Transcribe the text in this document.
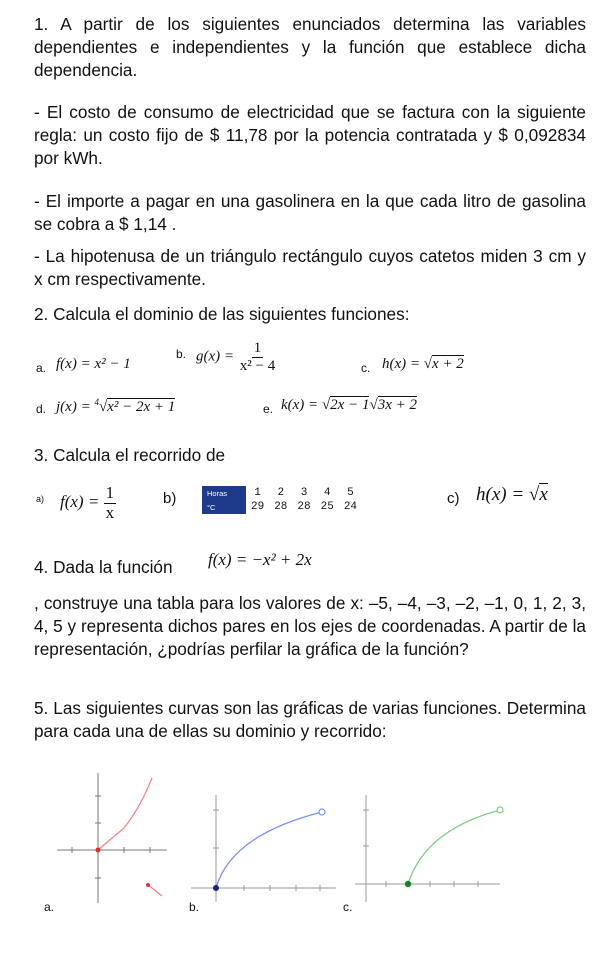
1. A partir de los siguientes enunciados determina las variables dependientes e independientes y la función que establece dicha dependencia.
- El costo de consumo de electricidad que se factura con la siguiente regla: un costo fijo de $ 11,78 por la potencia contratada y $ 0,092834 por kWh.
- El importe a pagar en una gasolinera en la que cada litro de gasolina se cobra a $ 1,14 .
- La hipotenusa de un triángulo rectángulo cuyos catetos miden 3 cm y x cm respectivamente.
2. Calcula el dominio de las siguientes funciones:
a. f(x) = x² − 1
b. $g(x) = \frac{1}{\text{x² − 4}}$	c. h(x) = √x + 2
d. j(x) = $^4$√x² − 2x + 1	e. k(x) = √2x − 1√3x + 2
3. Calcula el recorrido de
a) $f(x) = \frac{1}{x}$	b)	Horas	1	2	3	4	5
°C	29	28	28	25	24	c) h(x) = √x
4. Dada la función f(x) = −x² + 2x
, construye una tabla para los valores de x: –5, –4, –3, –2, –1, 0, 1, 2, 3, 4, 5 y representa dichos pares en los ejes de coordenadas. A partir de la representación, ¿podrías perfilar la gráfica de la función?
5. Las siguientes curvas son las gráficas de varias funciones. Determina para cada una de ellas su dominio y recorrido:
a.	b.	c.
